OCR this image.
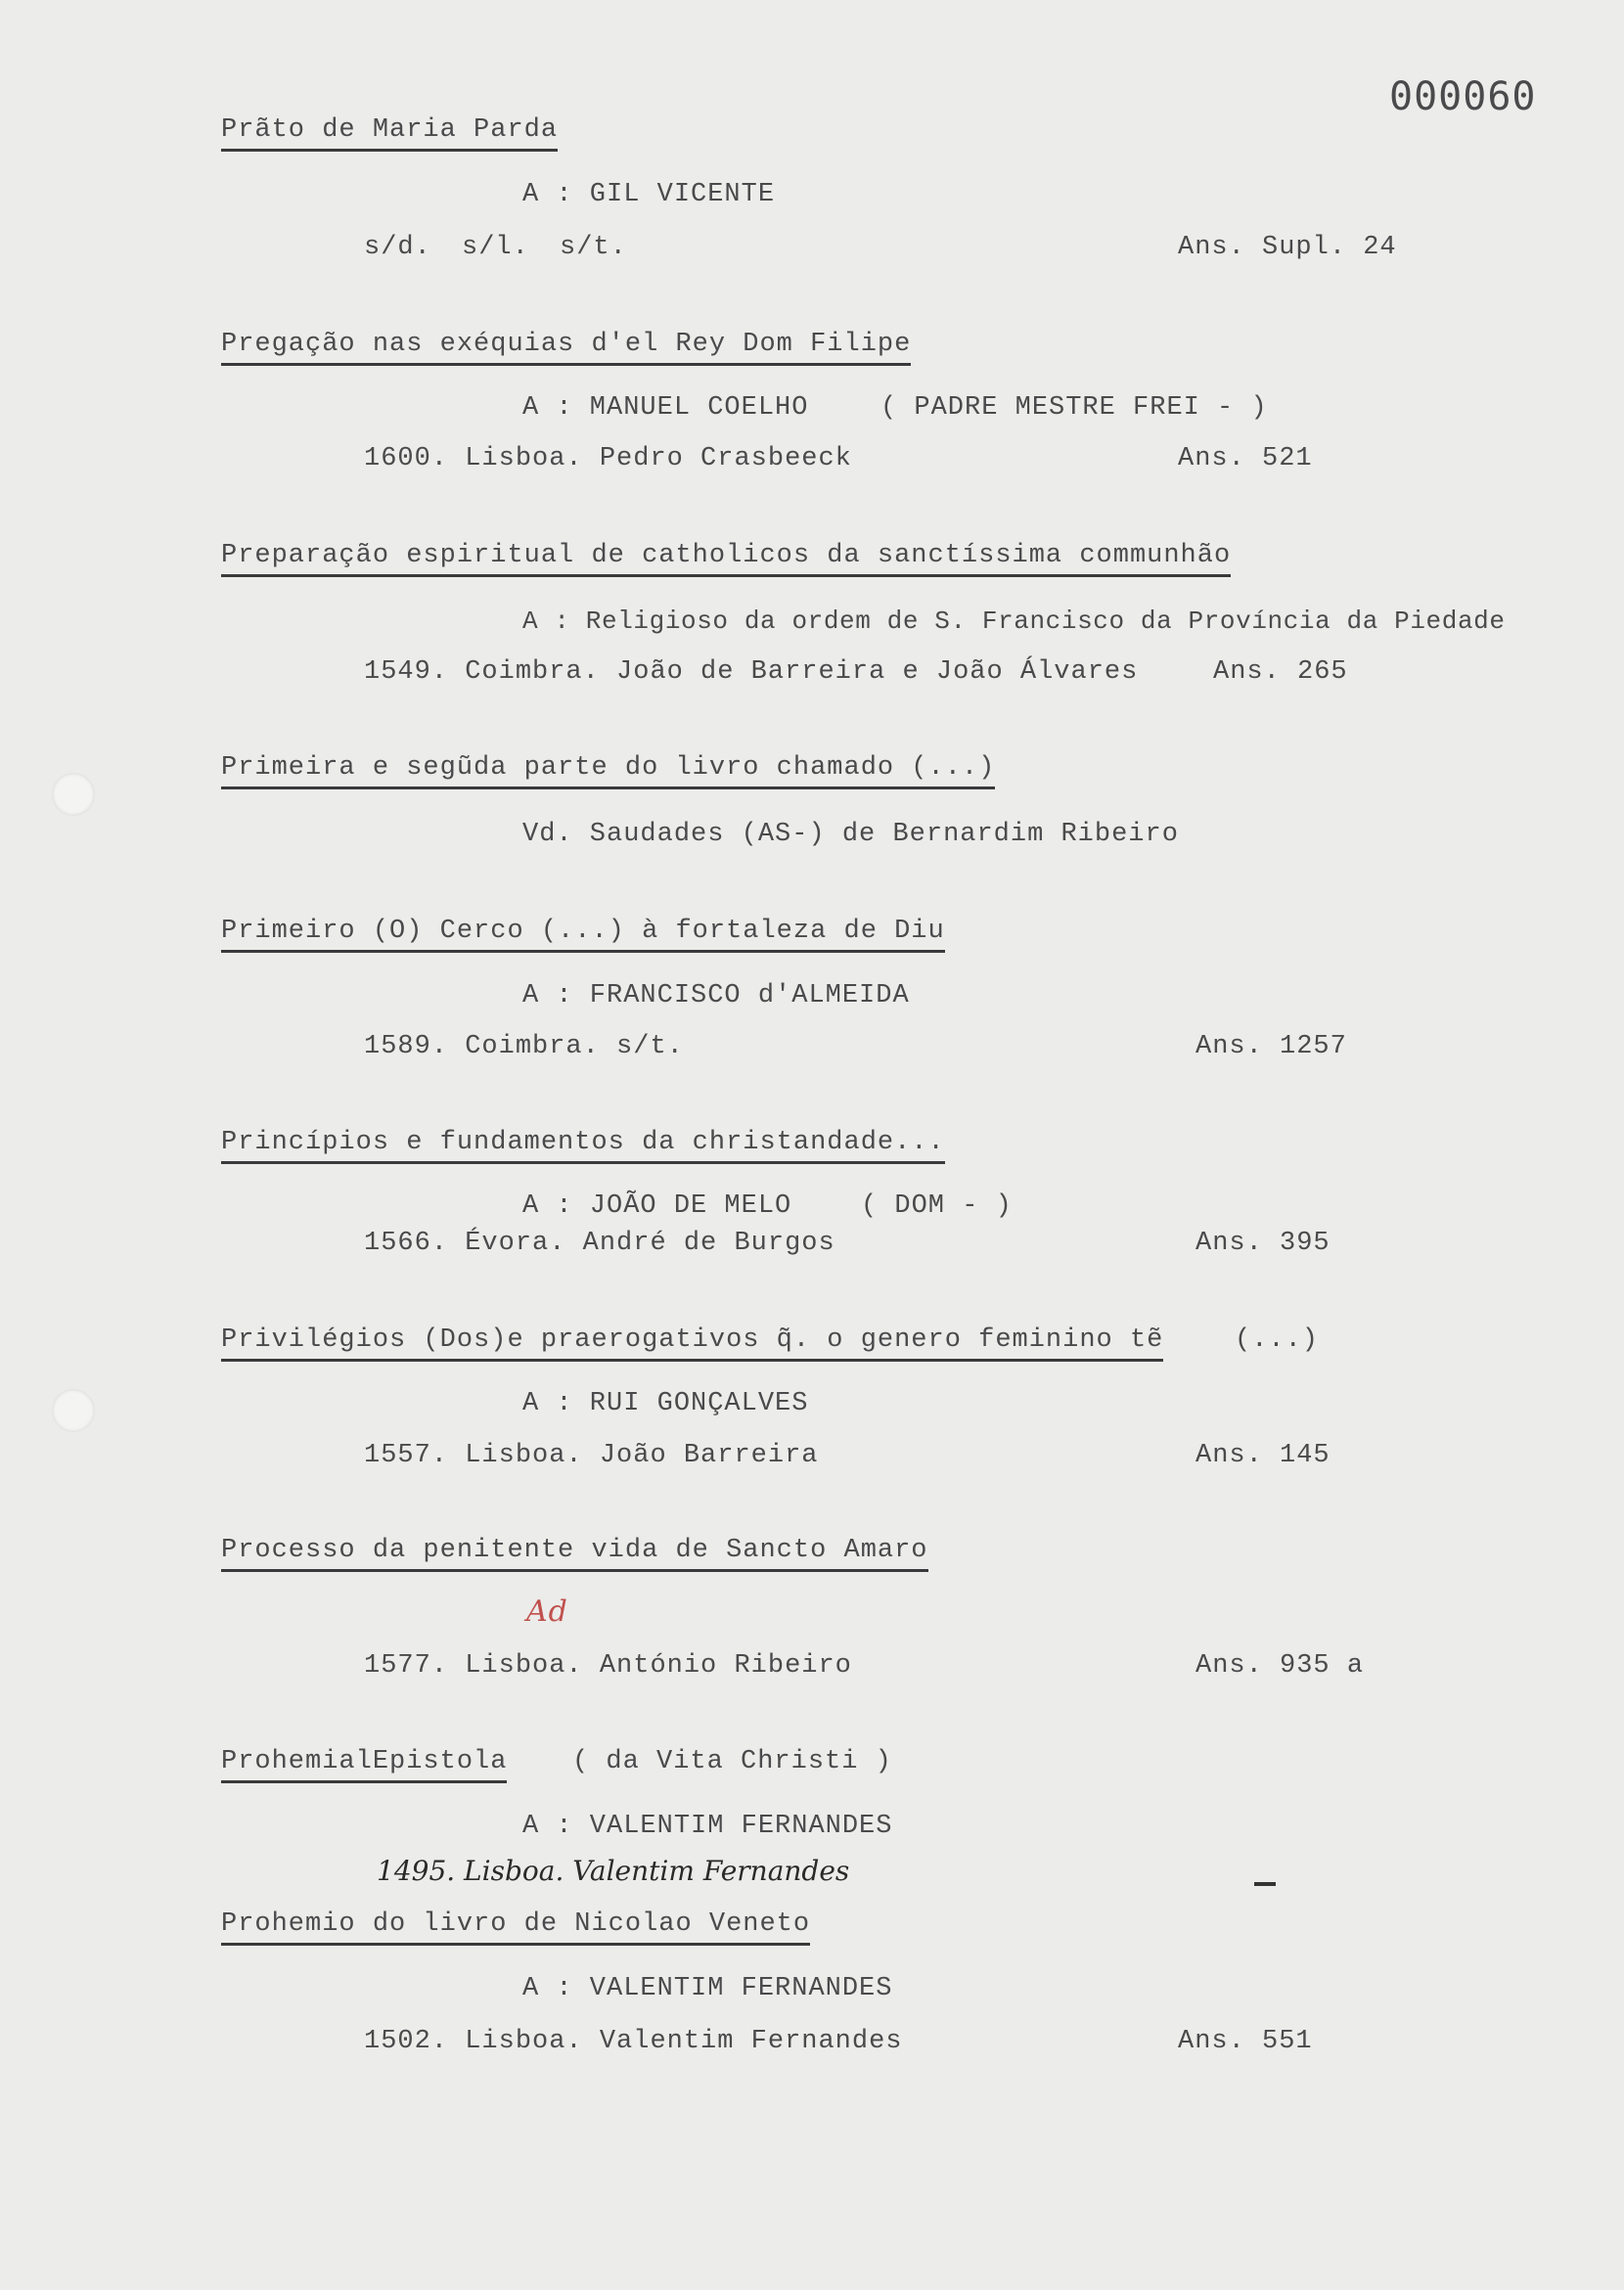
000060
Prãto de Maria Parda
A : GIL VICENTE
s/d. s/l. s/t.	Ans. Supl. 24
Pregação nas exéquias d'el Rey Dom Filipe
A : MANUEL COELHO	( PADRE MESTRE FREI - )
1600. Lisboa. Pedro Crasbeeck	Ans. 521
Preparação espiritual de catholicos da sanctíssima communhão
A : Religioso da ordem de S. Francisco da Província da Piedade
1549. Coimbra. João de Barreira e João Álvares	Ans. 265
Primeira e segũda parte do livro chamado (...)
Vd. Saudades (AS-) de Bernardim Ribeiro
Primeiro (O) Cerco (...) à fortaleza de Diu
A : FRANCISCO d'ALMEIDA
1589. Coimbra. s/t.	Ans. 1257
Princípios e fundamentos da christandade...
A : JOÃO DE MELO	( DOM - )
1566. Évora. André de Burgos	Ans. 395
Privilégios (Dos)e praerogativos q̃. o genero feminino tẽ	(...)
A : RUI GONÇALVES
1557. Lisboa. João Barreira	Ans. 145
Processo da penitente vida de Sancto Amaro
Ad
1577. Lisboa. António Ribeiro	Ans. 935 a
ProhemialEpistola ( da Vita Christi )
A : VALENTIM FERNANDES
1495. Lisboa. Valentim Fernandes
Prohemio do livro de Nicolao Veneto
A : VALENTIM FERNANDES
1502. Lisboa. Valentim Fernandes	Ans. 551
